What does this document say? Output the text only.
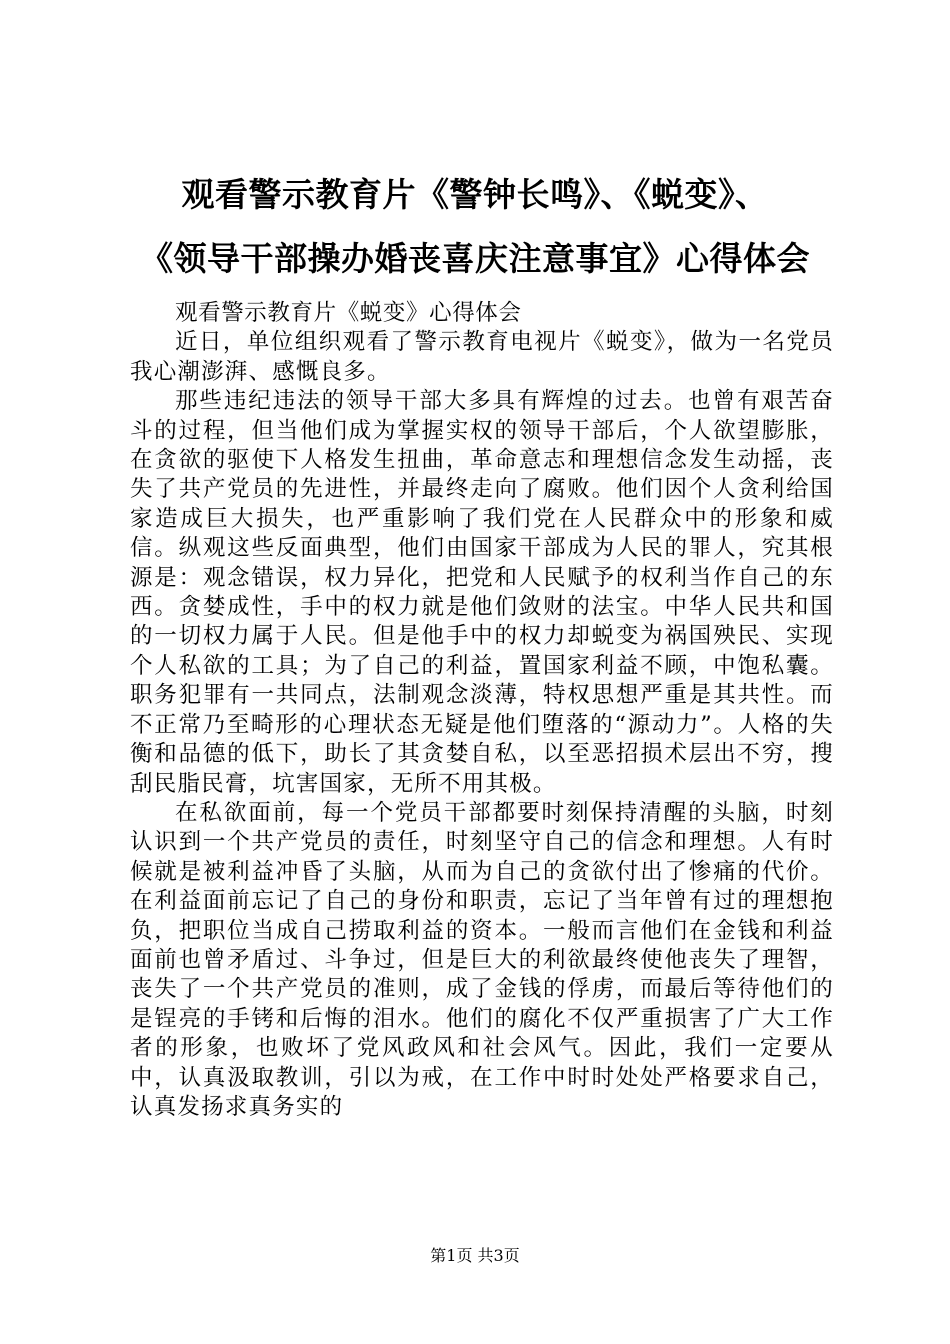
观看警示教育片《警钟长鸣》、《蜕变》、
《领导干部操办婚丧喜庆注意事宜》心得体会

观看警示教育片《蜕变》心得体会

近日，单位组织观看了警示教育电视片《蜕变》，做为一名党员我心潮澎湃、感慨良多。

那些违纪违法的领导干部大多具有辉煌的过去。也曾有艰苦奋斗的过程，但当他们成为掌握实权的领导干部后，个人欲望膨胀，在贪欲的驱使下人格发生扭曲，革命意志和理想信念发生动摇，丧失了共产党员的先进性，并最终走向了腐败。他们因个人贪利给国家造成巨大损失，也严重影响了我们党在人民群众中的形象和威信。纵观这些反面典型，他们由国家干部成为人民的罪人，究其根源是：观念错误，权力异化，把党和人民赋予的权利当作自己的东西。贪婪成性，手中的权力就是他们敛财的法宝。中华人民共和国的一切权力属于人民。但是他手中的权力却蜕变为祸国殃民、实现个人私欲的工具；为了自己的利益，置国家利益不顾，中饱私囊。职务犯罪有一共同点，法制观念淡薄，特权思想严重是其共性。而不正常乃至畸形的心理状态无疑是他们堕落的“源动力”。人格的失衡和品德的低下，助长了其贪婪自私，以至恶招损术层出不穷，搜刮民脂民膏，坑害国家，无所不用其极。

在私欲面前，每一个党员干部都要时刻保持清醒的头脑，时刻认识到一个共产党员的责任，时刻坚守自己的信念和理想。人有时候就是被利益冲昏了头脑，从而为自己的贪欲付出了惨痛的代价。在利益面前忘记了自己的身份和职责，忘记了当年曾有过的理想抱负，把职位当成自己捞取利益的资本。一般而言他们在金钱和利益面前也曾矛盾过、斗争过，但是巨大的利欲最终使他丧失了理智，丧失了一个共产党员的准则，成了金钱的俘虏，而最后等待他们的是锃亮的手铐和后悔的泪水。他们的腐化不仅严重损害了广大工作者的形象，也败坏了党风政风和社会风气。因此，我们一定要从中，认真汲取教训，引以为戒，在工作中时时处处严格要求自己，认真发扬求真务实的

第1页 共3页
